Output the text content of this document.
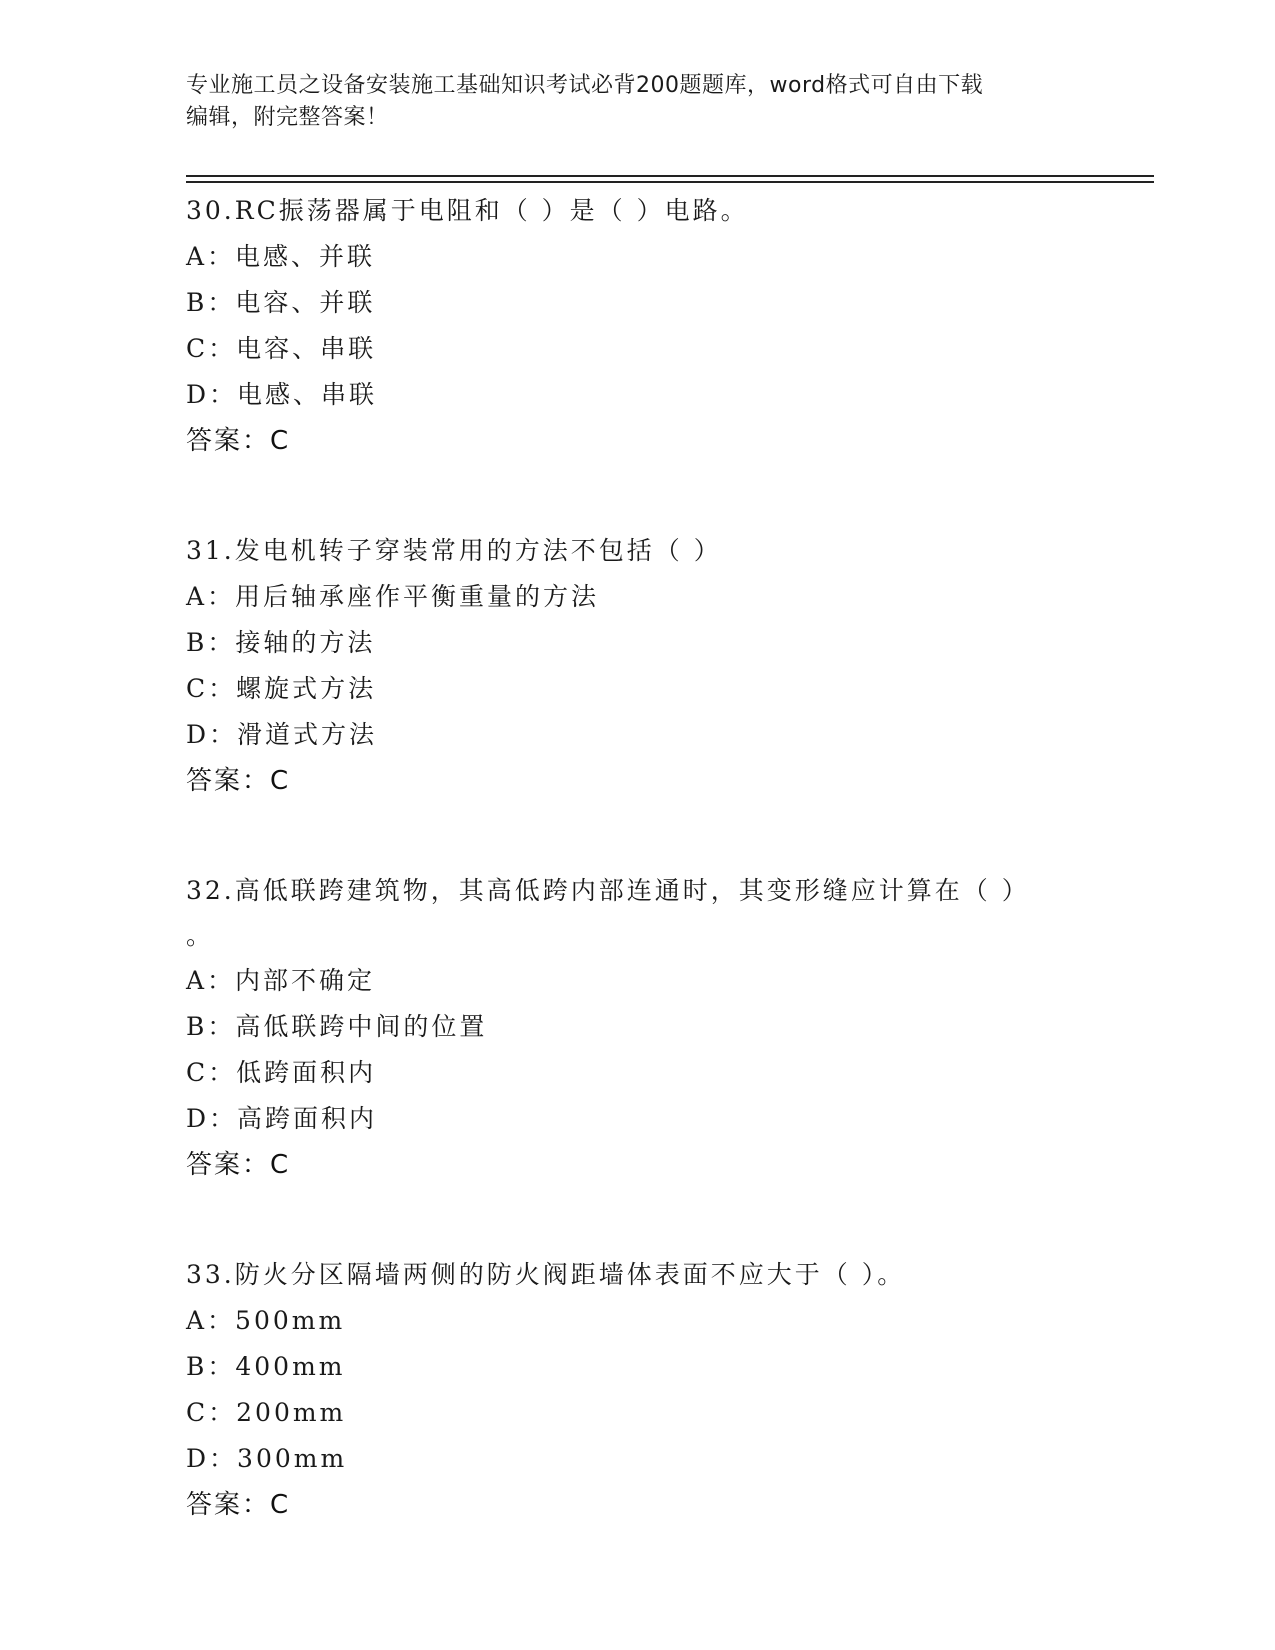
专业施工员之设备安装施工基础知识考试必背200题题库，word格式可自由下载
编辑，附完整答案！
30.RC振荡器属于电阻和（ ）是（ ）电路。
A：电感、并联
B：电容、并联
C：电容、串联
D：电感、串联
答案：C
31.发电机转子穿装常用的方法不包括（ ）
A：用后轴承座作平衡重量的方法
B：接轴的方法
C：螺旋式方法
D：滑道式方法
答案：C
32.高低联跨建筑物，其高低跨内部连通时，其变形缝应计算在（ ）
。
A：内部不确定
B：高低联跨中间的位置
C：低跨面积内
D：高跨面积内
答案：C
33.防火分区隔墙两侧的防火阀距墙体表面不应大于（ ）。
A：500mm
B：400mm
C：200mm
D：300mm
答案：C
